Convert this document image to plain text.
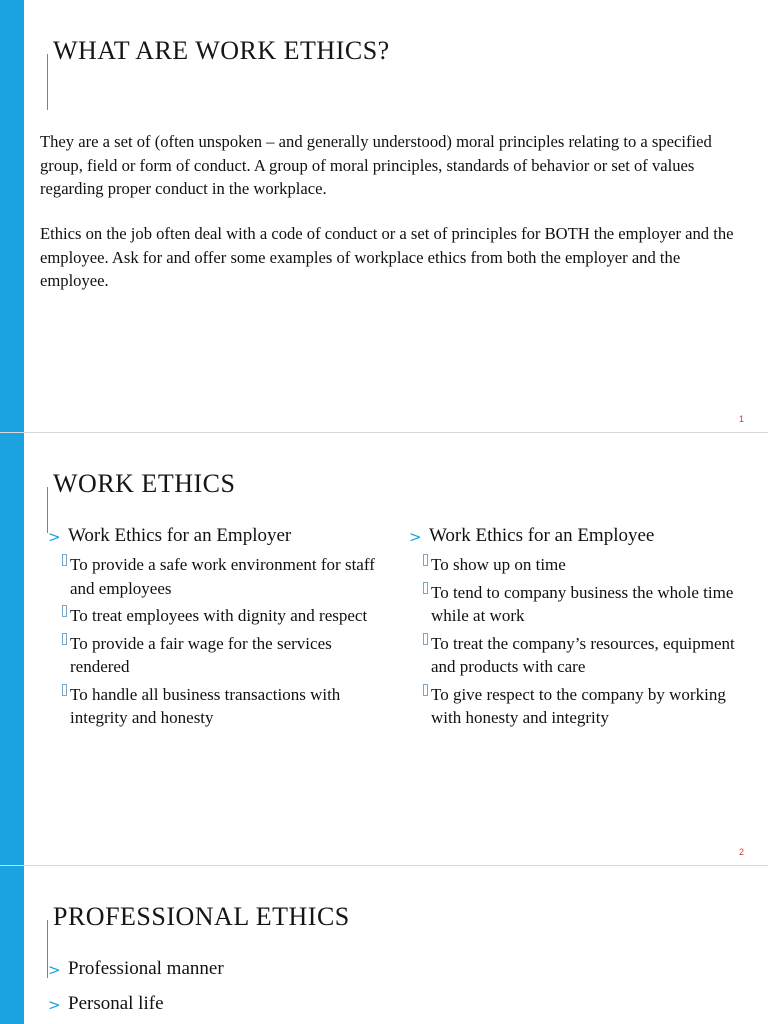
WHAT ARE WORK ETHICS?

They are a set of (often unspoken – and generally understood) moral principles relating to a specified group, field or form of conduct. A group of moral principles, standards of behavior or set of values regarding proper conduct in the workplace.

Ethics on the job often deal with a code of conduct or a set of principles for BOTH the employer and the employee. Ask for and offer some examples of workplace ethics from both the employer and the employee.

1
WORK ETHICS
> Work Ethics for an Employer
To provide a safe work environment for staff and employees
To treat employees with dignity and respect
To provide a fair wage for the services rendered
To handle all business transactions with integrity and honesty
> Work Ethics for an Employee
To show up on time
To tend to company business the whole time while at work
To treat the company’s resources, equipment and products with care
To give respect to the company by working with honesty and integrity
2
PROFESSIONAL ETHICS
> Professional manner
> Personal life
